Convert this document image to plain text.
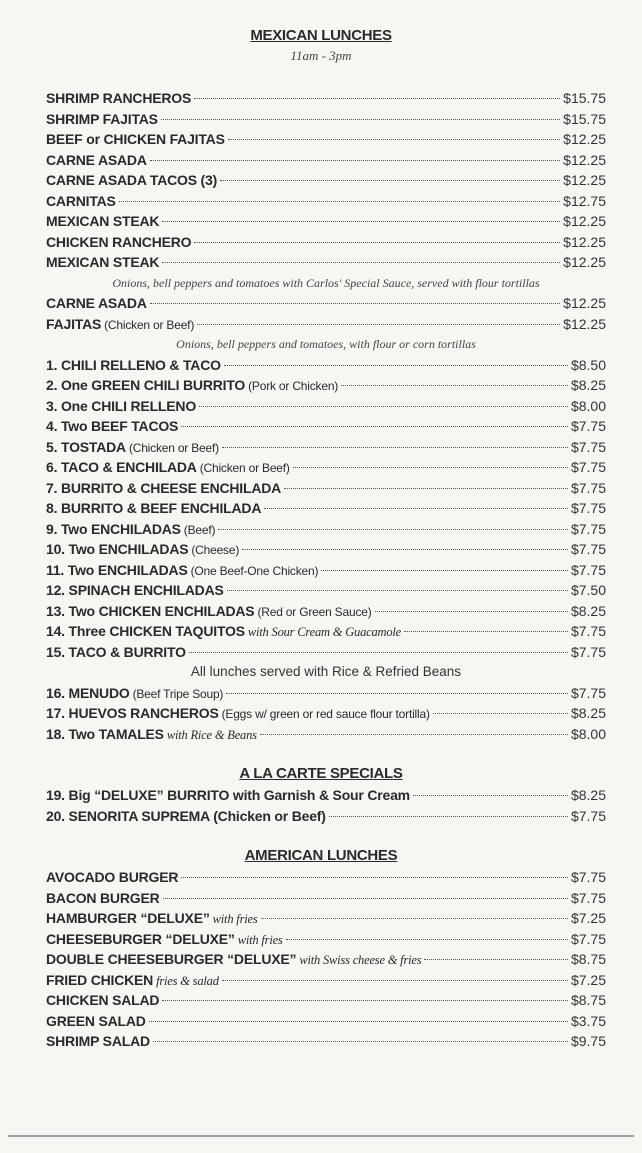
MEXICAN LUNCHES

11am - 3pm

SHRIMP RANCHEROS	$15.75
SHRIMP FAJITAS	$15.75
BEEF or CHICKEN FAJITAS	$12.25
CARNE ASADA	$12.25
CARNE ASADA TACOS (3)	$12.25
CARNITAS	$12.75
MEXICAN STEAK	$12.25
CHICKEN RANCHERO	$12.25
MEXICAN STEAK	$12.25
Onions, bell peppers and tomatoes with Carlos' Special Sauce, served with flour tortillas
CARNE ASADA	$12.25
FAJITAS (Chicken or Beef)	$12.25
Onions, bell peppers and tomatoes, with flour or corn tortillas
1. CHILI RELLENO & TACO	$8.50
2. One GREEN CHILI BURRITO (Pork or Chicken)	$8.25
3. One CHILI RELLENO	$8.00
4. Two BEEF TACOS	$7.75
5. TOSTADA (Chicken or Beef)	$7.75
6. TACO & ENCHILADA (Chicken or Beef)	$7.75
7. BURRITO & CHEESE ENCHILADA	$7.75
8. BURRITO & BEEF ENCHILADA	$7.75
9. Two ENCHILADAS (Beef)	$7.75
10. Two ENCHILADAS (Cheese)	$7.75
11. Two ENCHILADAS (One Beef-One Chicken)	$7.75
12. SPINACH ENCHILADAS	$7.50
13. Two CHICKEN ENCHILADAS (Red or Green Sauce)	$8.25
14. Three CHICKEN TAQUITOS with Sour Cream & Guacamole	$7.75
15. TACO & BURRITO	$7.75
All lunches served with Rice & Refried Beans
16. MENUDO (Beef Tripe Soup)	$7.75
17. HUEVOS RANCHEROS (Eggs w/ green or red sauce flour tortilla)	$8.25
18. Two TAMALES with Rice & Beans	$8.00
A LA CARTE SPECIALS
19. Big “DELUXE” BURRITO with Garnish & Sour Cream	$8.25
20. SENORITA SUPREMA (Chicken or Beef)	$7.75
AMERICAN LUNCHES
AVOCADO BURGER	$7.75
BACON BURGER	$7.75
HAMBURGER “DELUXE” with fries	$7.25
CHEESEBURGER “DELUXE” with fries	$7.75
DOUBLE CHEESEBURGER “DELUXE” with Swiss cheese & fries	$8.75
FRIED CHICKEN fries & salad	$7.25
CHICKEN SALAD	$8.75
GREEN SALAD	$3.75
SHRIMP SALAD	$9.75
